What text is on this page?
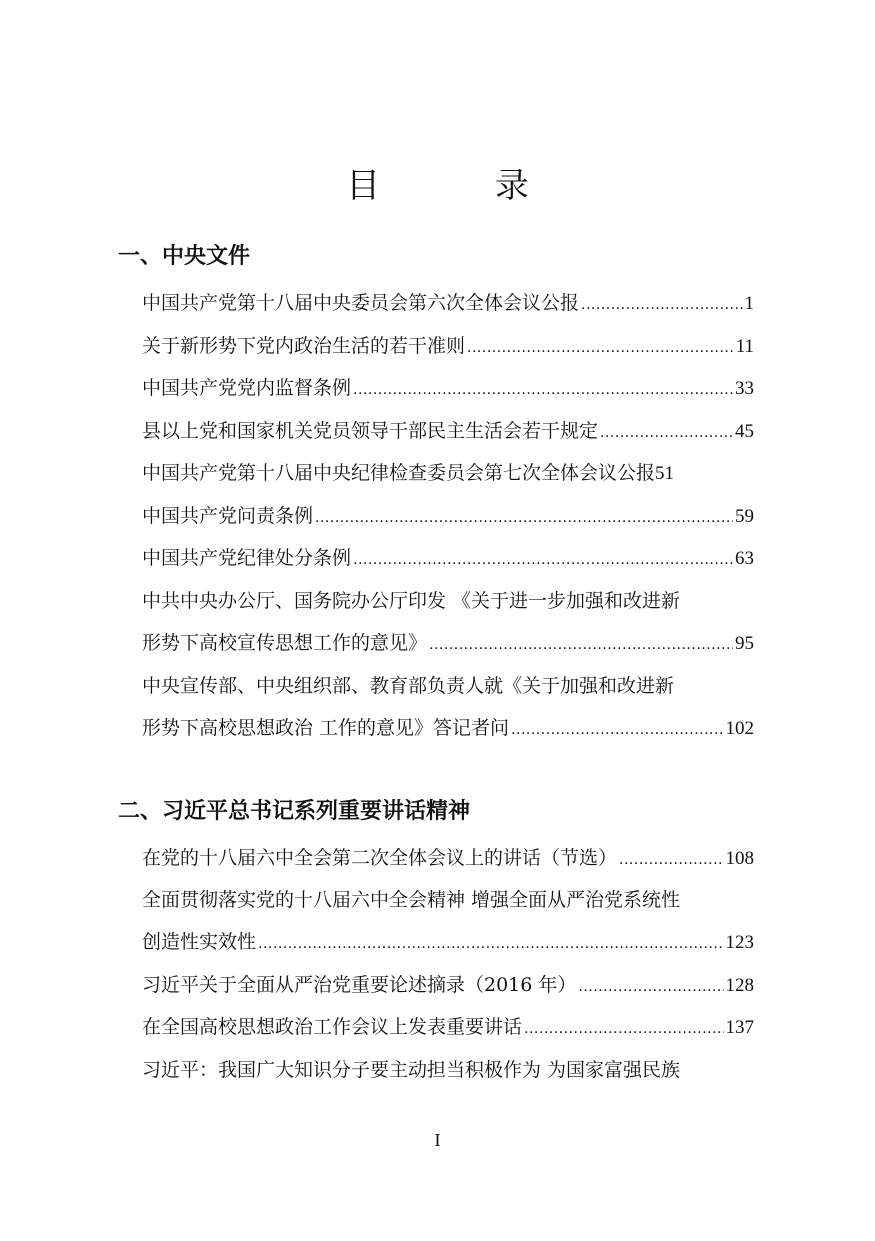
目 录
一、中央文件
中国共产党第十八届中央委员会第六次全体会议公报 .....	1
关于新形势下党内政治生活的若干准则 .....	11
中国共产党党内监督条例 .....	33
县以上党和国家机关党员领导干部民主生活会若干规定 .....	45
中国共产党第十八届中央纪律检查委员会第七次全体会议公报 51
中国共产党问责条例 .....	59
中国共产党纪律处分条例 .....	63
中共中央办公厅、国务院办公厅印发 《关于进一步加强和改进新
形势下高校宣传思想工作的意见》 .....	95
中央宣传部、中央组织部、教育部负责人就《关于加强和改进新
形势下高校思想政治 工作的意见》答记者问 .....	102
二、习近平总书记系列重要讲话精神
在党的十八届六中全会第二次全体会议上的讲话（节选） .....	108
全面贯彻落实党的十八届六中全会精神 增强全面从严治党系统性
创造性实效性 .....	123
习近平关于全面从严治党重要论述摘录（2016 年） .....	128
在全国高校思想政治工作会议上发表重要讲话 .....	137
习近平：我国广大知识分子要主动担当积极作为 为国家富强民族
I
